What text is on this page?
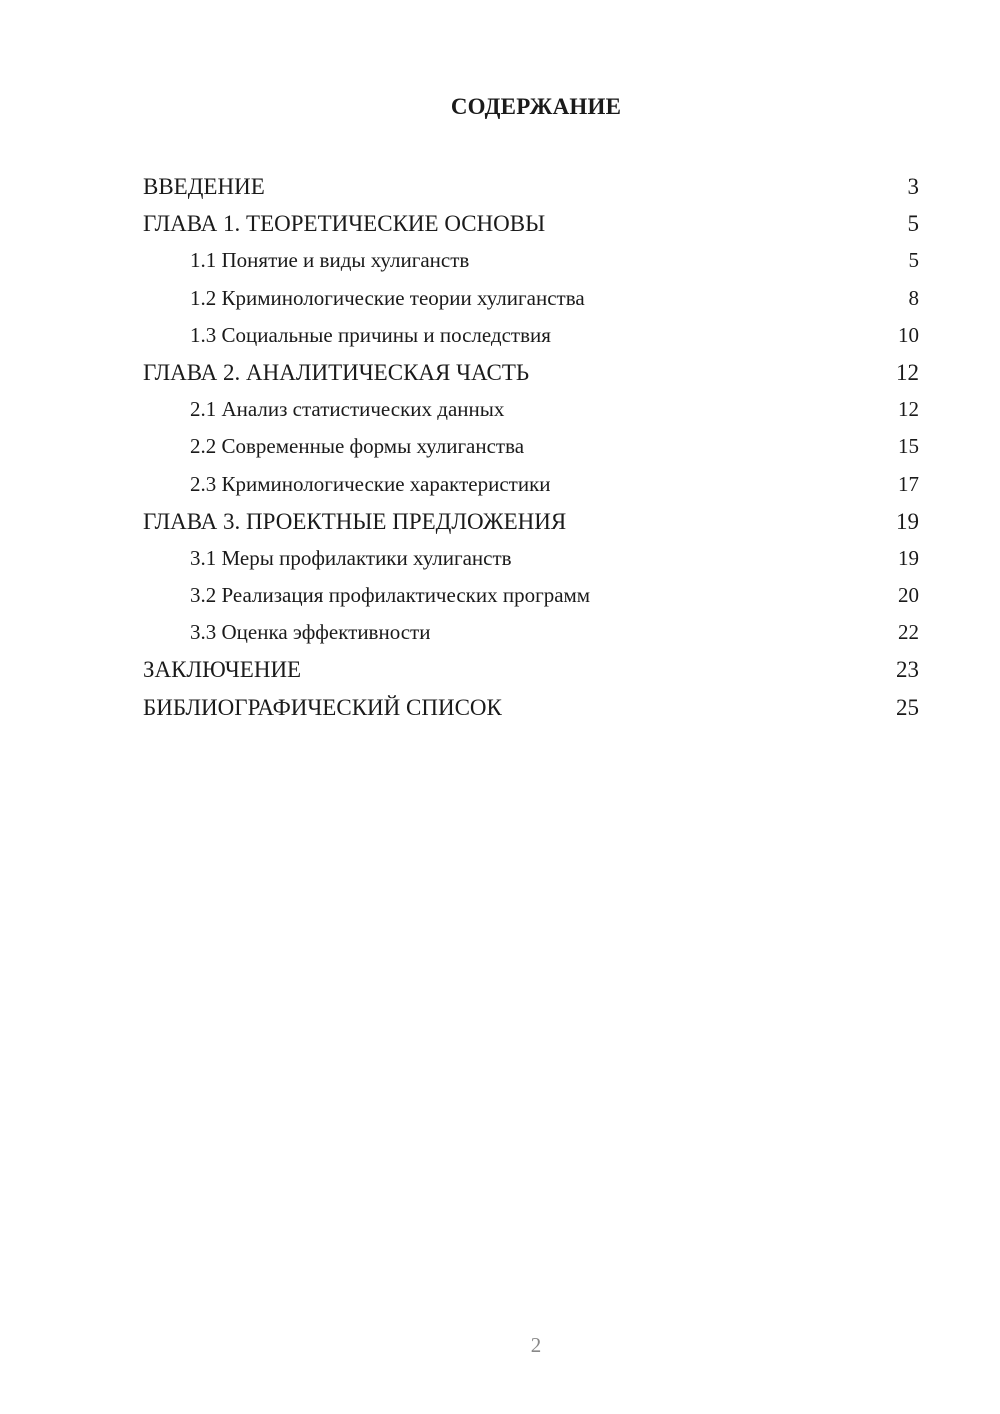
СОДЕРЖАНИЕ
ВВЕДЕНИЕ	3
ГЛАВА 1. ТЕОРЕТИЧЕСКИЕ ОСНОВЫ	5
1.1 Понятие и виды хулиганств	5
1.2 Криминологические теории хулиганства	8
1.3 Социальные причины и последствия	10
ГЛАВА 2. АНАЛИТИЧЕСКАЯ ЧАСТЬ	12
2.1 Анализ статистических данных	12
2.2 Современные формы хулиганства	15
2.3 Криминологические характеристики	17
ГЛАВА 3. ПРОЕКТНЫЕ ПРЕДЛОЖЕНИЯ	19
3.1 Меры профилактики хулиганств	19
3.2 Реализация профилактических программ	20
3.3 Оценка эффективности	22
ЗАКЛЮЧЕНИЕ	23
БИБЛИОГРАФИЧЕСКИЙ СПИСОК	25
2
